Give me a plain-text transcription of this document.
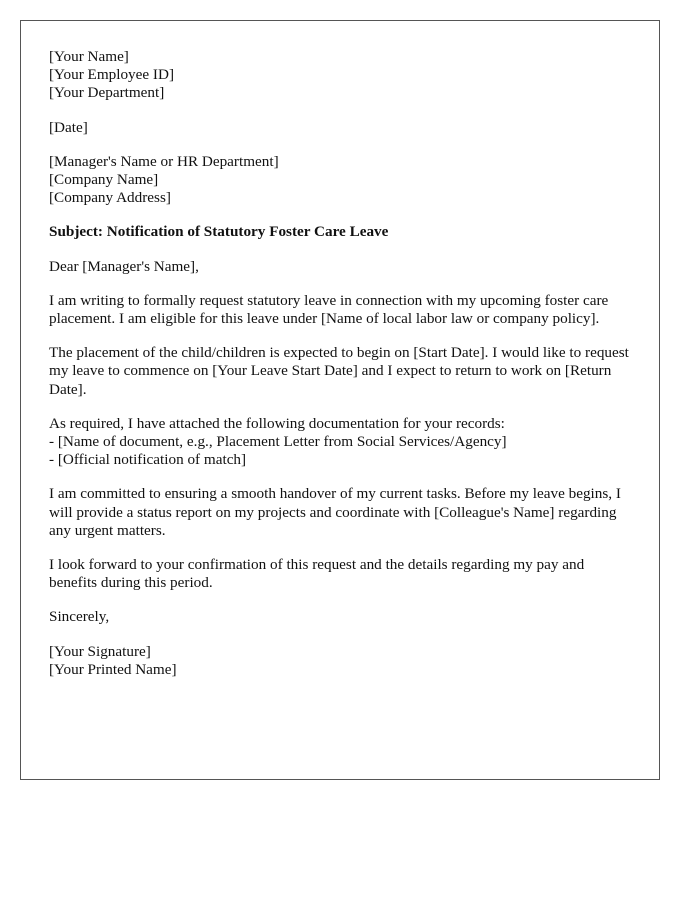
[Your Name]
[Your Employee ID]
[Your Department]
[Date]
[Manager's Name or HR Department]
[Company Name]
[Company Address]
Subject: Notification of Statutory Foster Care Leave

Dear [Manager's Name],

I am writing to formally request statutory leave in connection with my upcoming foster care placement. I am eligible for this leave under [Name of local labor law or company policy].

The placement of the child/children is expected to begin on [Start Date]. I would like to request my leave to commence on [Your Leave Start Date] and I expect to return to work on [Return Date].

As required, I have attached the following documentation for your records:
- [Name of document, e.g., Placement Letter from Social Services/Agency]
- [Official notification of match]

I am committed to ensuring a smooth handover of my current tasks. Before my leave begins, I will provide a status report on my projects and coordinate with [Colleague's Name] regarding any urgent matters.

I look forward to your confirmation of this request and the details regarding my pay and benefits during this period.

Sincerely,

[Your Signature]
[Your Printed Name]
